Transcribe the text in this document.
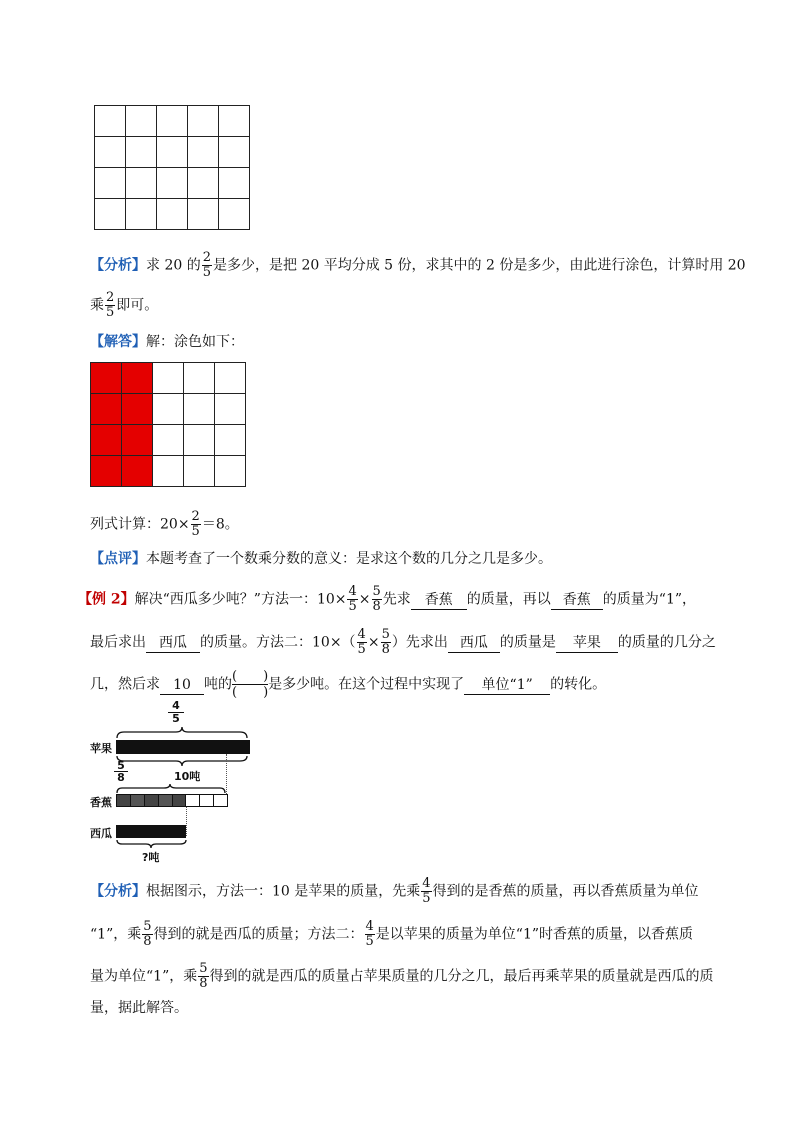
【分析】求 20 的 $\frac{2}{5}$ 是多少，是把 20 平均分成 5 份，求其中的 2 份是多少，由此进行涂色，计算时用 20
乘 $\frac{2}{5}$ 即可。
【解答】解：涂色如下：

列式计算：$20\times \frac{2}{5} =8$。
【点评】本题考查了一个数乘分数的意义：是求这个数的几分之几是多少。
【例 2】解决“西瓜多少吨？”方法一：$10\times \frac{4}{5} \times \frac{5}{8}$ 先求 香蕉 的质量，再以 香蕉 的质量为“1”，
最后求出 西瓜 的质量。方法二：$10\times( \frac{4}{5} \times \frac{5}{8}$ ）先求出 西瓜 的质量是 苹果 的质量的几分之
几，然后求 10 吨的 (　　)
(　　) 是多少吨。在这个过程中实现了 单位“1” 的转化。
4
5
苹果
10吨
5
8
香蕉
西瓜
?吨
【分析】根据图示，方法一：10 是苹果的质量，先乘 $\frac{4}{5}$ 得到的是香蕉的质量，再以香蕉质量为单位
“1”，乘 $\frac{5}{8}$ 得到的就是西瓜的质量；方法二： $\frac{4}{5}$ 是以苹果的质量为单位“1”时香蕉的质量，以香蕉质
量为单位“1”，乘 $\frac{5}{8}$ 得到的就是西瓜的质量占苹果质量的几分之几，最后再乘苹果的质量就是西瓜的质
量，据此解答。
